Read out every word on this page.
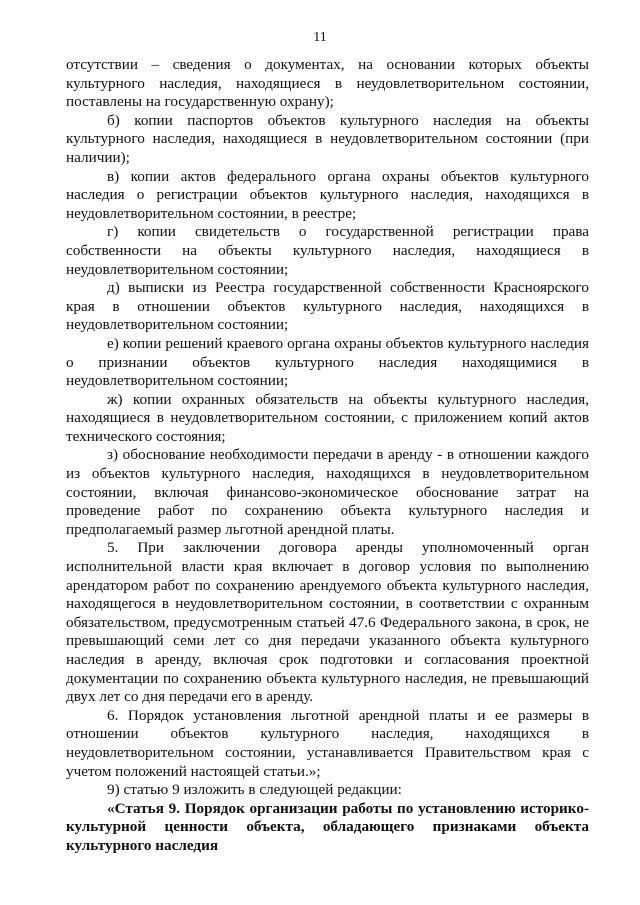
11

отсутствии – сведения о документах, на основании которых объекты культурного наследия, находящиеся в неудовлетворительном состоянии, поставлены на государственную охрану);

б) копии паспортов объектов культурного наследия на объекты культурного наследия, находящиеся в неудовлетворительном состоянии (при наличии);

в) копии актов федерального органа охраны объектов культурного наследия о регистрации объектов культурного наследия, находящихся в неудовлетворительном состоянии, в реестре;

г) копии свидетельств о государственной регистрации права собственности на объекты культурного наследия, находящиеся в неудовлетворительном состоянии;

д) выписки из Реестра государственной собственности Красноярского края в отношении объектов культурного наследия, находящихся в неудовлетворительном состоянии;

е) копии решений краевого органа охраны объектов культурного наследия о признании объектов культурного наследия находящимися в неудовлетворительном состоянии;

ж) копии охранных обязательств на объекты культурного наследия, находящиеся в неудовлетворительном состоянии, с приложением копий актов технического состояния;

з) обоснование необходимости передачи в аренду - в отношении каждого из объектов культурного наследия, находящихся в неудовлетворительном состоянии, включая финансово-экономическое обоснование затрат на проведение работ по сохранению объекта культурного наследия и предполагаемый размер льготной арендной платы.

5. При заключении договора аренды уполномоченный орган исполнительной власти края включает в договор условия по выполнению арендатором работ по сохранению арендуемого объекта культурного наследия, находящегося в неудовлетворительном состоянии, в соответствии с охранным обязательством, предусмотренным статьей 47.6 Федерального закона, в срок, не превышающий семи лет со дня передачи указанного объекта культурного наследия в аренду, включая срок подготовки и согласования проектной документации по сохранению объекта культурного наследия, не превышающий двух лет со дня передачи его в аренду.

6. Порядок установления льготной арендной платы и ее размеры в отношении объектов культурного наследия, находящихся в неудовлетворительном состоянии, устанавливается Правительством края с учетом положений настоящей статьи.»;

9) статью 9 изложить в следующей редакции:

«Статья 9. Порядок организации работы по установлению историко-культурной ценности объекта, обладающего признаками объекта культурного наследия
